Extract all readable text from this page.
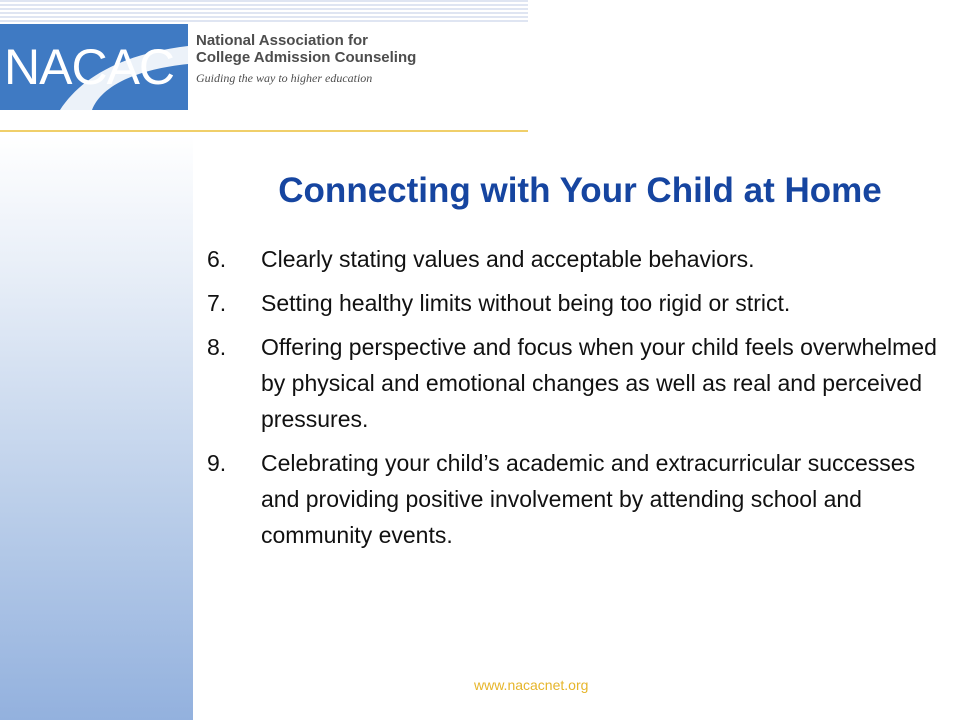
NACAC National Association for
College Admission Counseling
Guiding the way to higher education
Connecting with Your Child at Home
6.	Clearly stating values and acceptable behaviors.
7.	Setting healthy limits without being too rigid or strict.
8.	Offering perspective and focus when your child feels overwhelmed by physical and emotional changes as well as real and perceived pressures.
9.	Celebrating your child’s academic and extracurricular successes and providing positive involvement by attending school and community events.
www.nacacnet.org
